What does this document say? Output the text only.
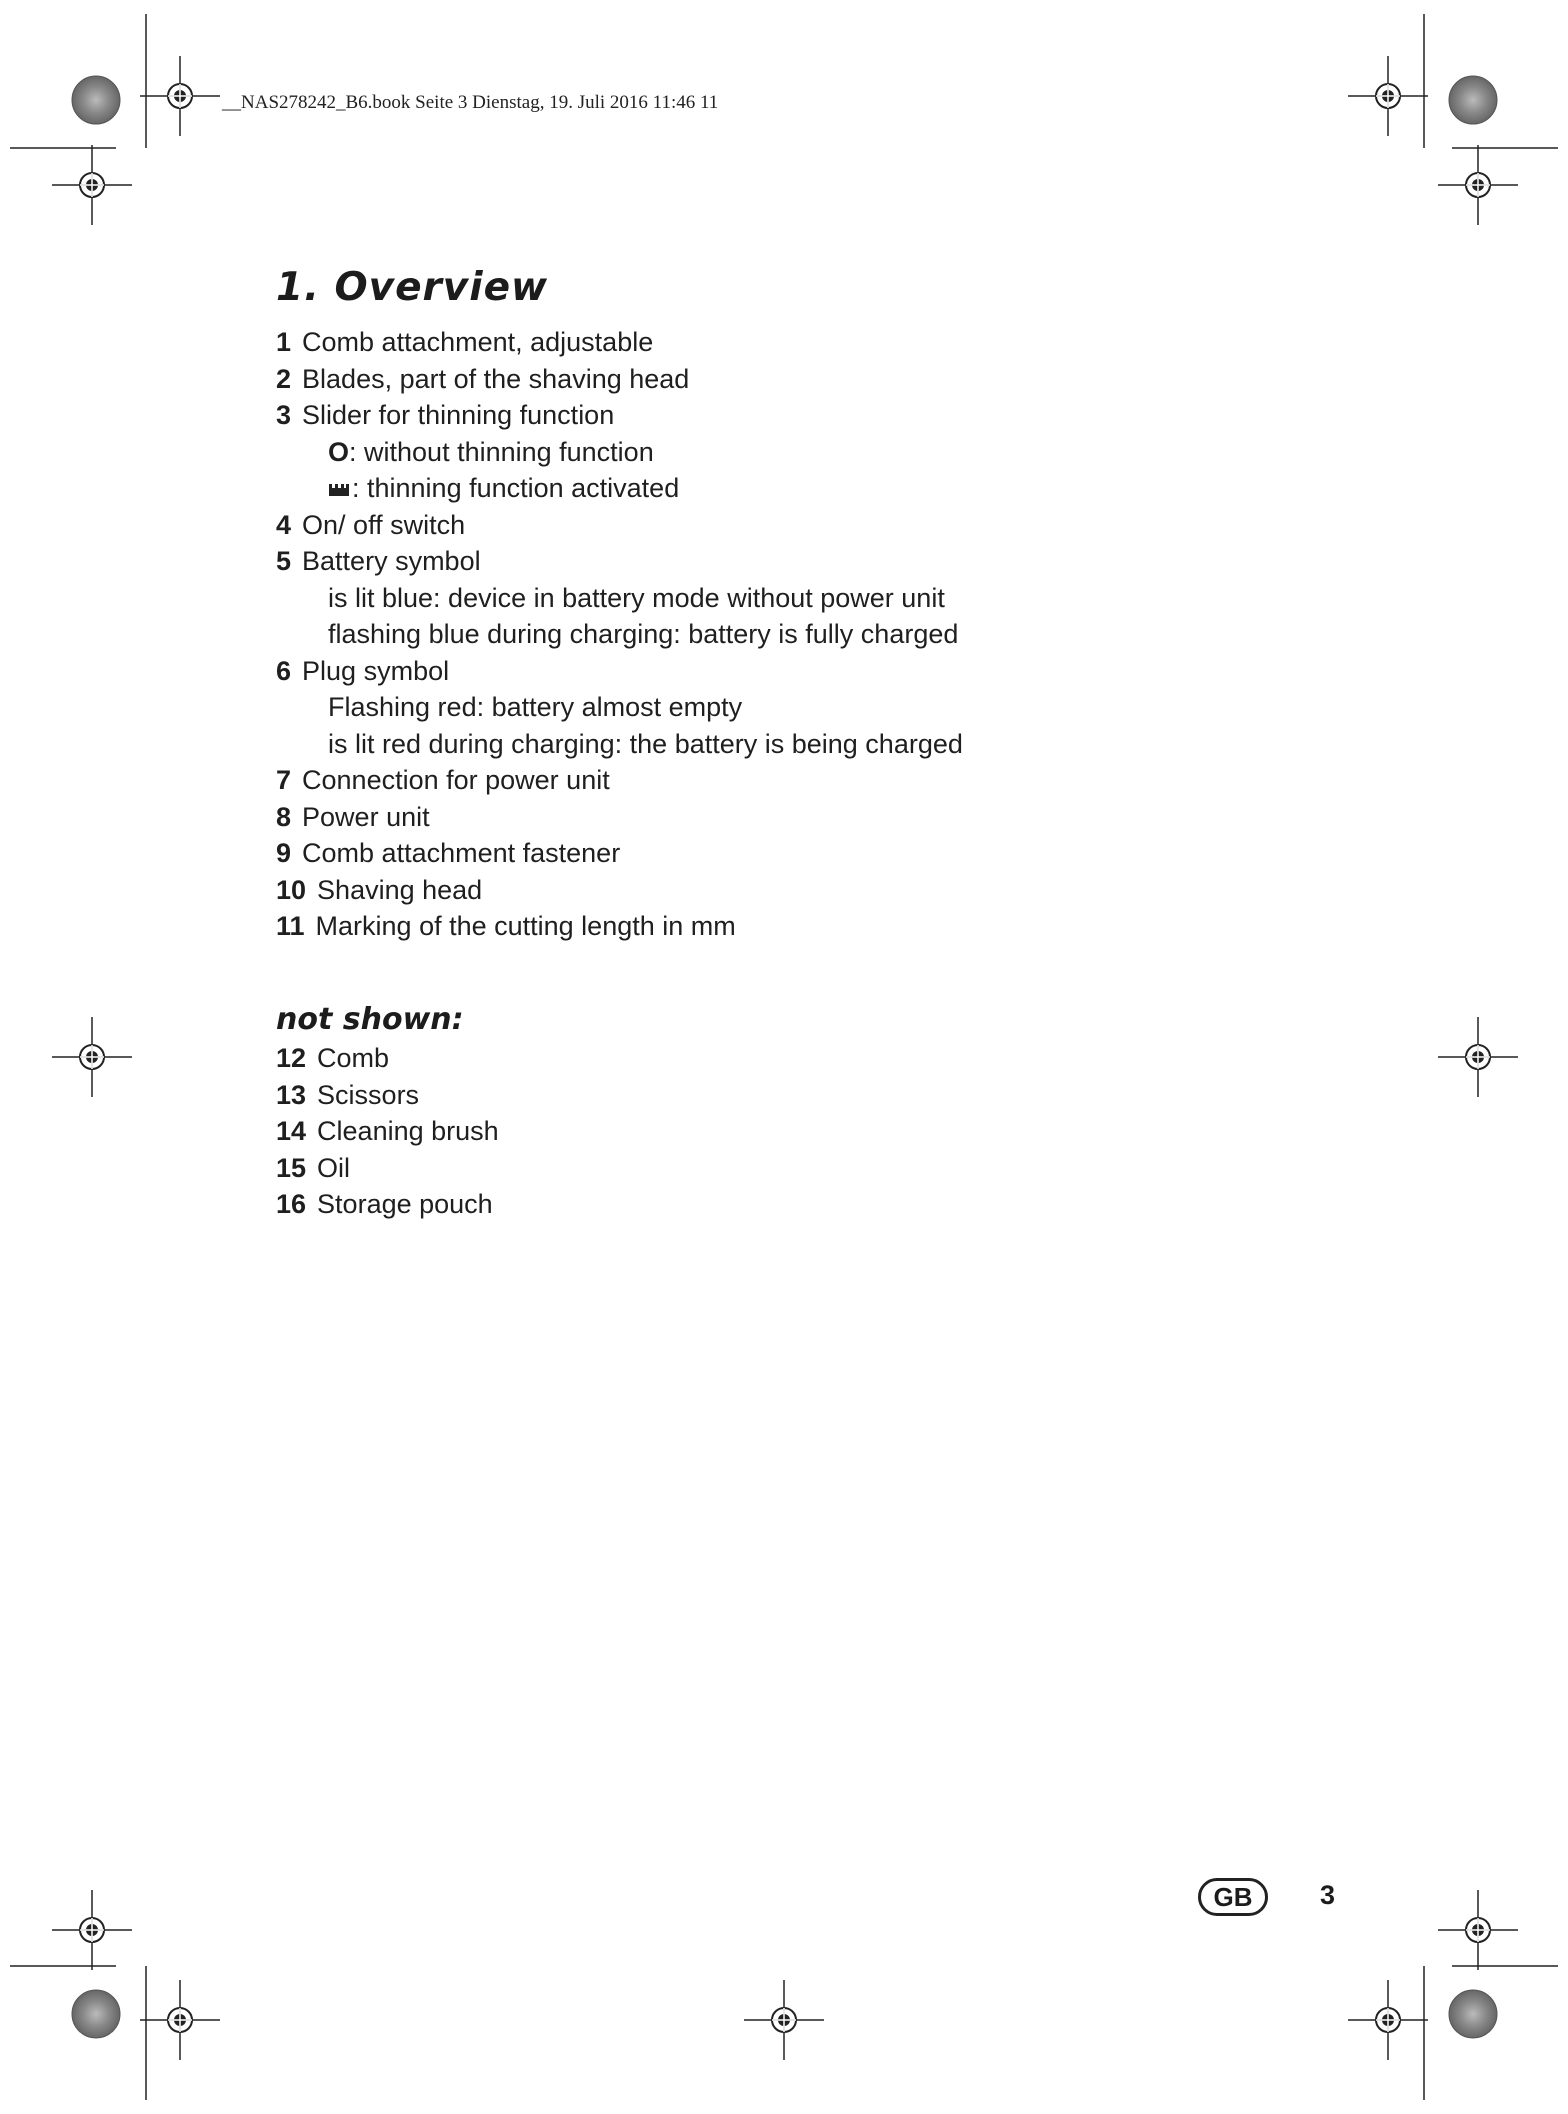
__NAS278242_B6.book Seite 3 Dienstag, 19. Juli 2016 11:46 11

1. Overview
1 Comb attachment, adjustable
2 Blades, part of the shaving head
3 Slider for thinning function
O: without thinning function
: thinning function activated
4 On/ off switch
5 Battery symbol
is lit blue: device in battery mode without power unit
flashing blue during charging: battery is fully charged
6 Plug symbol
Flashing red: battery almost empty
is lit red during charging: the battery is being charged
7 Connection for power unit
8 Power unit
9 Comb attachment fastener
10 Shaving head
11 Marking of the cutting length in mm
not shown:
12 Comb
13 Scissors
14 Cleaning brush
15 Oil
16 Storage pouch
GB	3
